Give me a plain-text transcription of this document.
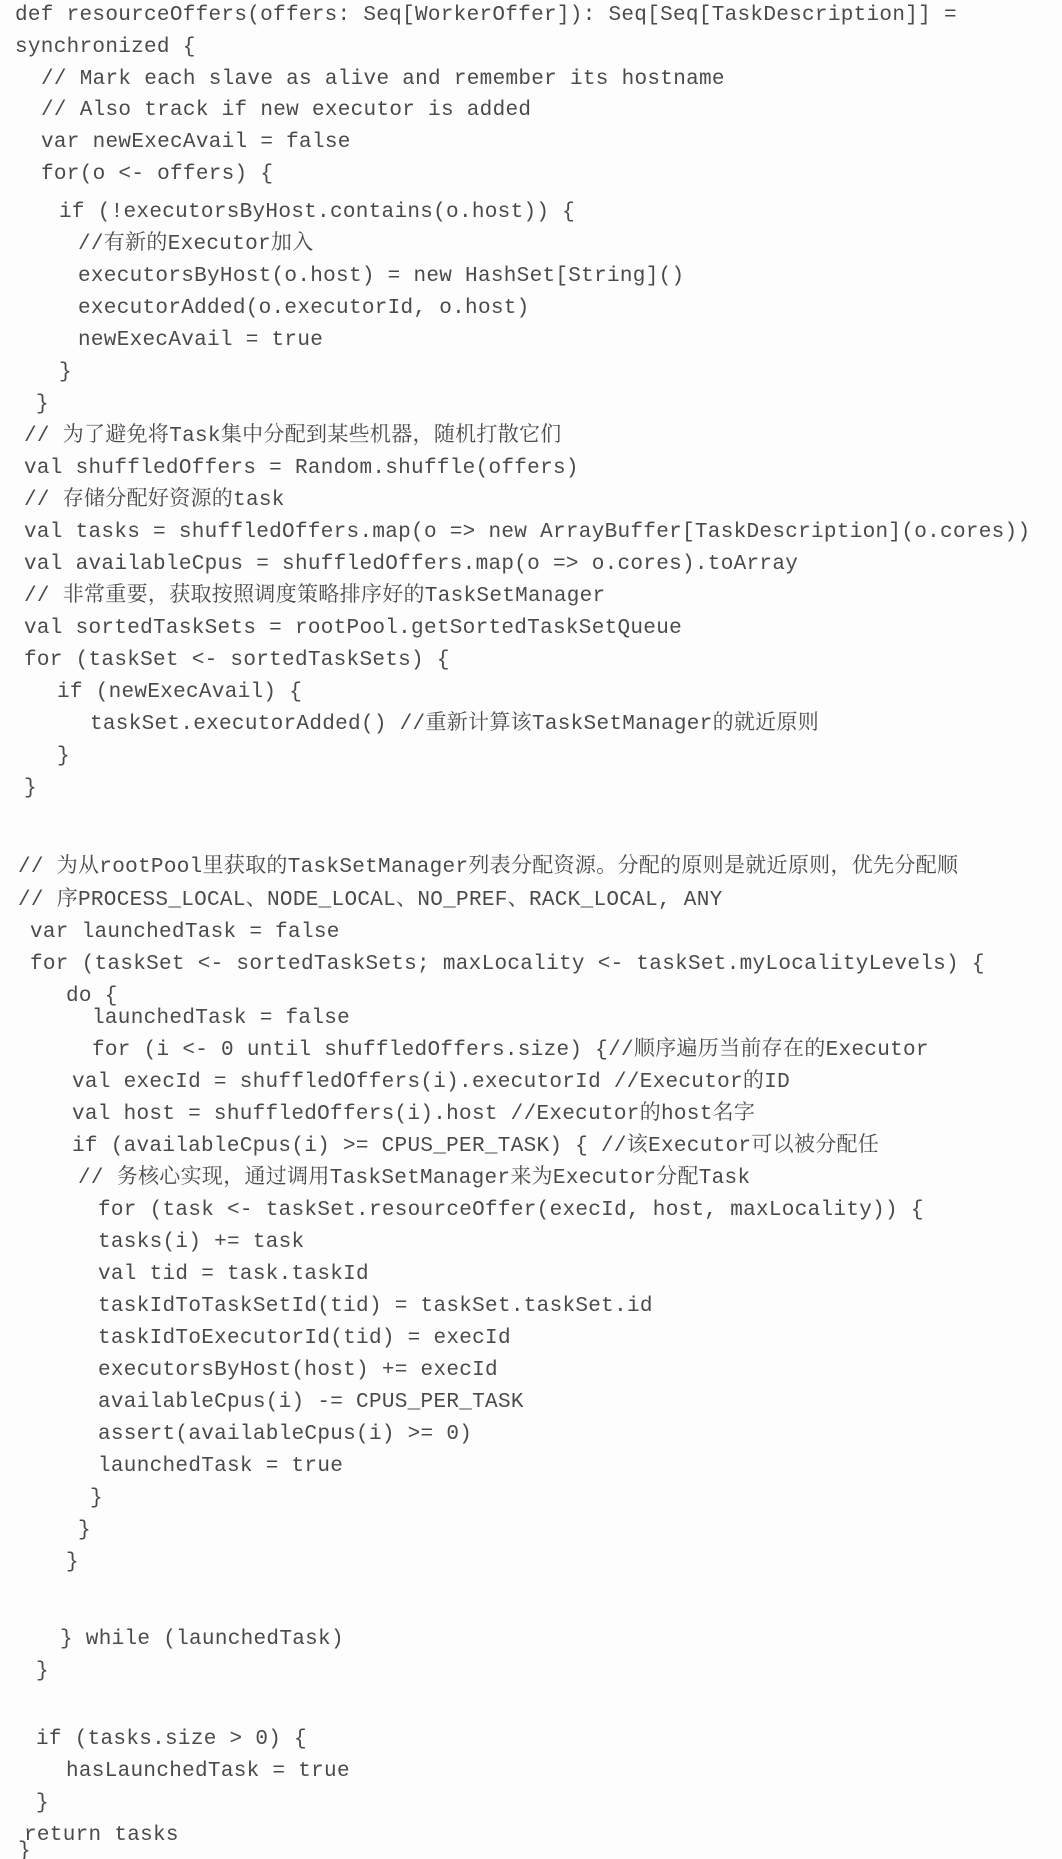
def resourceOffers(offers: Seq[WorkerOffer]): Seq[Seq[TaskDescription]] =
synchronized {
// Mark each slave as alive and remember its hostname
// Also track if new executor is added
var newExecAvail = false
for(o <- offers) {
if (!executorsByHost.contains(o.host)) {
//有新的Executor加入
executorsByHost(o.host) = new HashSet[String]()
executorAdded(o.executorId, o.host)
newExecAvail = true
}
}
// 为了避免将Task集中分配到某些机器，随机打散它们
val shuffledOffers = Random.shuffle(offers)
// 存储分配好资源的task
val tasks = shuffledOffers.map(o => new ArrayBuffer[TaskDescription](o.cores))
val availableCpus = shuffledOffers.map(o => o.cores).toArray
// 非常重要，获取按照调度策略排序好的TaskSetManager
val sortedTaskSets = rootPool.getSortedTaskSetQueue
for (taskSet <- sortedTaskSets) {
if (newExecAvail) {
taskSet.executorAdded() //重新计算该TaskSetManager的就近原则
}
}
// 为从rootPool里获取的TaskSetManager列表分配资源。分配的原则是就近原则，优先分配顺
// 序PROCESS_LOCAL、NODE_LOCAL、NO_PREF、RACK_LOCAL, ANY
var launchedTask = false
for (taskSet <- sortedTaskSets; maxLocality <- taskSet.myLocalityLevels) {
do {
launchedTask = false
for (i <- 0 until shuffledOffers.size) {//顺序遍历当前存在的Executor
val execId = shuffledOffers(i).executorId //Executor的ID
val host = shuffledOffers(i).host //Executor的host名字
if (availableCpus(i) >= CPUS_PER_TASK) { //该Executor可以被分配任
// 务核心实现，通过调用TaskSetManager来为Executor分配Task
for (task <- taskSet.resourceOffer(execId, host, maxLocality)) {
tasks(i) += task
val tid = task.taskId
taskIdToTaskSetId(tid) = taskSet.taskSet.id
taskIdToExecutorId(tid) = execId
executorsByHost(host) += execId
availableCpus(i) -= CPUS_PER_TASK
assert(availableCpus(i) >= 0)
launchedTask = true
}
}
}
} while (launchedTask)
}
if (tasks.size > 0) {
hasLaunchedTask = true
}
return tasks
}
